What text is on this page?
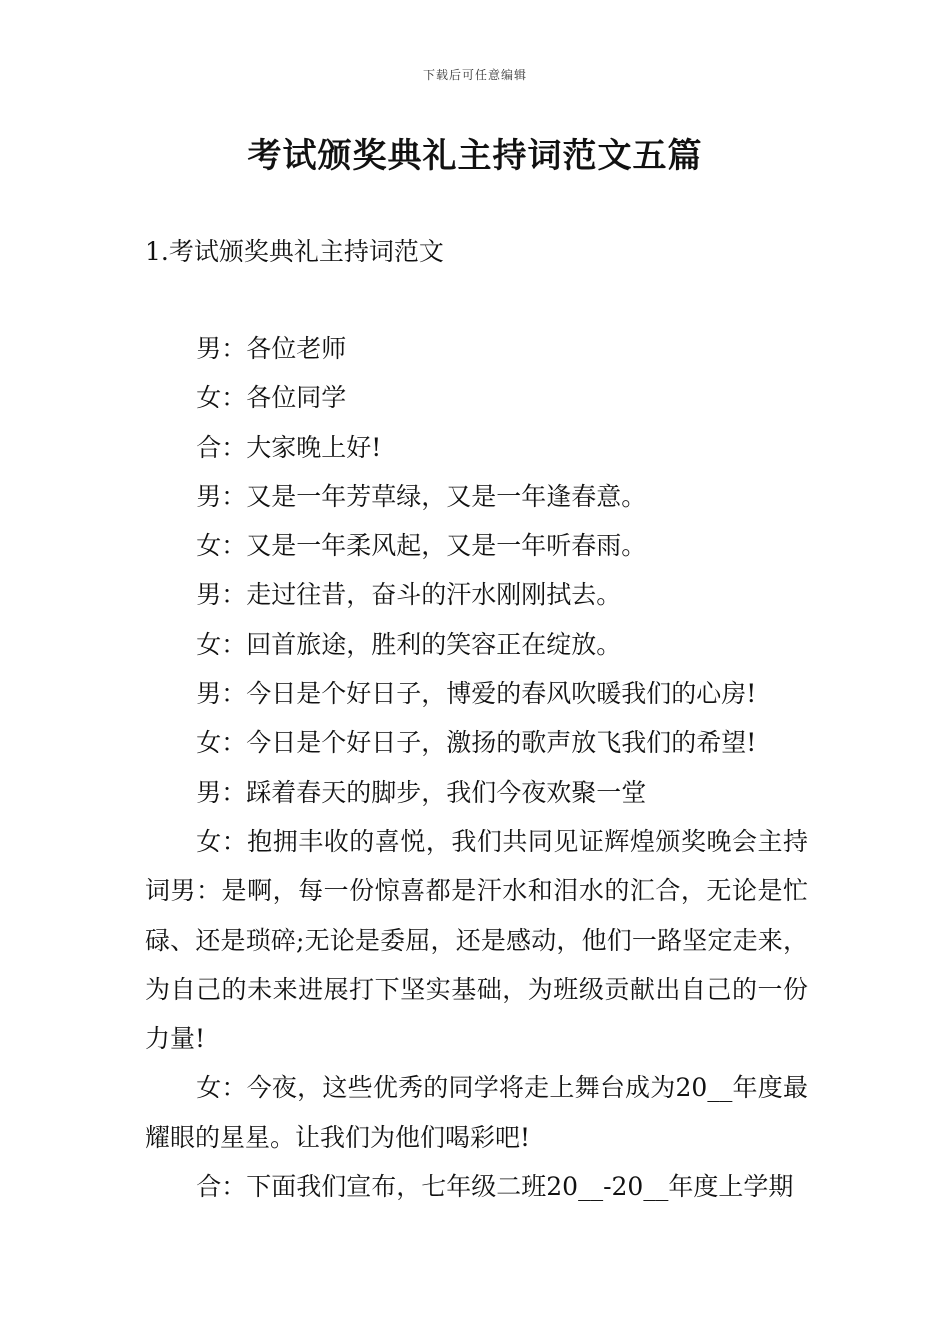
下载后可任意编辑
考试颁奖典礼主持词范文五篇
1.考试颁奖典礼主持词范文

男：各位老师

女：各位同学

合：大家晚上好!

男：又是一年芳草绿，又是一年逢春意。

女：又是一年柔风起，又是一年听春雨。

男：走过往昔，奋斗的汗水刚刚拭去。

女：回首旅途，胜利的笑容正在绽放。

男：今日是个好日子，博爱的春风吹暖我们的心房!

女：今日是个好日子，激扬的歌声放飞我们的希望!

男：踩着春天的脚步，我们今夜欢聚一堂

女：抱拥丰收的喜悦，我们共同见证辉煌颁奖晚会主持词男：是啊，每一份惊喜都是汗水和泪水的汇合，无论是忙碌、还是琐碎;无论是委屈，还是感动，他们一路坚定走来，为自己的未来进展打下坚实基础，为班级贡献出自己的一份力量!

女：今夜，这些优秀的同学将走上舞台成为20__年度最耀眼的星星。让我们为他们喝彩吧!

合：下面我们宣布，七年级二班20__-20__年度上学期
